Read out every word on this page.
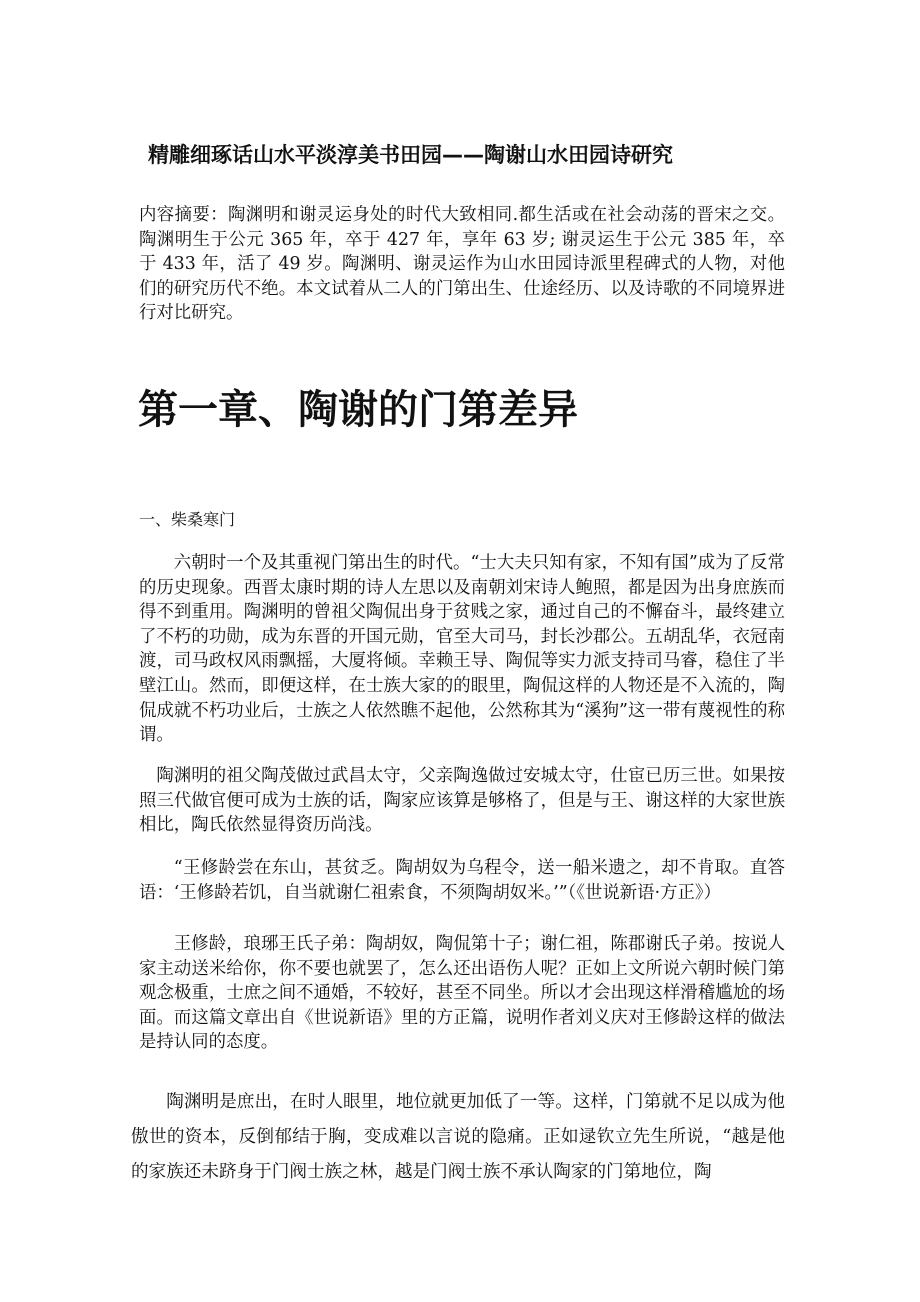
精雕细琢话山水平淡淳美书田园——陶谢山水田园诗研究

内容摘要：陶渊明和谢灵运身处的时代大致相同.都生活或在社会动荡的晋宋之交。陶渊明生于公元 365 年，卒于 427 年，享年 63 岁; 谢灵运生于公元 385 年，卒于 433 年，活了 49 岁。陶渊明、谢灵运作为山水田园诗派里程碑式的人物，对他们的研究历代不绝。本文试着从二人的门第出生、仕途经历、以及诗歌的不同境界进行对比研究。

第一章、陶谢的门第差异
一、柴桑寒门

六朝时一个及其重视门第出生的时代。“士大夫只知有家，不知有国”成为了反常的历史现象。西晋太康时期的诗人左思以及南朝刘宋诗人鲍照，都是因为出身庶族而得不到重用。陶渊明的曾祖父陶侃出身于贫贱之家，通过自己的不懈奋斗，最终建立了不朽的功勋，成为东晋的开国元勋，官至大司马，封长沙郡公。五胡乱华，衣冠南渡，司马政权风雨飘摇，大厦将倾。幸赖王导、陶侃等实力派支持司马睿，稳住了半壁江山。然而，即便这样，在士族大家的的眼里，陶侃这样的人物还是不入流的，陶侃成就不朽功业后，士族之人依然瞧不起他，公然称其为“溪狗”这一带有蔑视性的称谓。

陶渊明的祖父陶茂做过武昌太守，父亲陶逸做过安城太守，仕宦已历三世。如果按照三代做官便可成为士族的话，陶家应该算是够格了，但是与王、谢这样的大家世族相比，陶氏依然显得资历尚浅。

“王修龄尝在东山，甚贫乏。陶胡奴为乌程令，送一船米遗之，却不肯取。直答语：‘王修龄若饥，自当就谢仁祖索食，不须陶胡奴米。’”（《世说新语·方正》）

王修龄，琅琊王氏子弟：陶胡奴，陶侃第十子；谢仁祖，陈郡谢氏子弟。按说人家主动送米给你，你不要也就罢了，怎么还出语伤人呢？正如上文所说六朝时候门第观念极重，士庶之间不通婚，不较好，甚至不同坐。所以才会出现这样滑稽尴尬的场面。而这篇文章出自《世说新语》里的方正篇，说明作者刘义庆对王修龄这样的做法是持认同的态度。

陶渊明是庶出，在时人眼里，地位就更加低了一等。这样，门第就不足以成为他傲世的资本，反倒郁结于胸，变成难以言说的隐痛。正如逯钦立先生所说，“越是他的家族还未跻身于门阀士族之林，越是门阀士族不承认陶家的门第地位，陶
